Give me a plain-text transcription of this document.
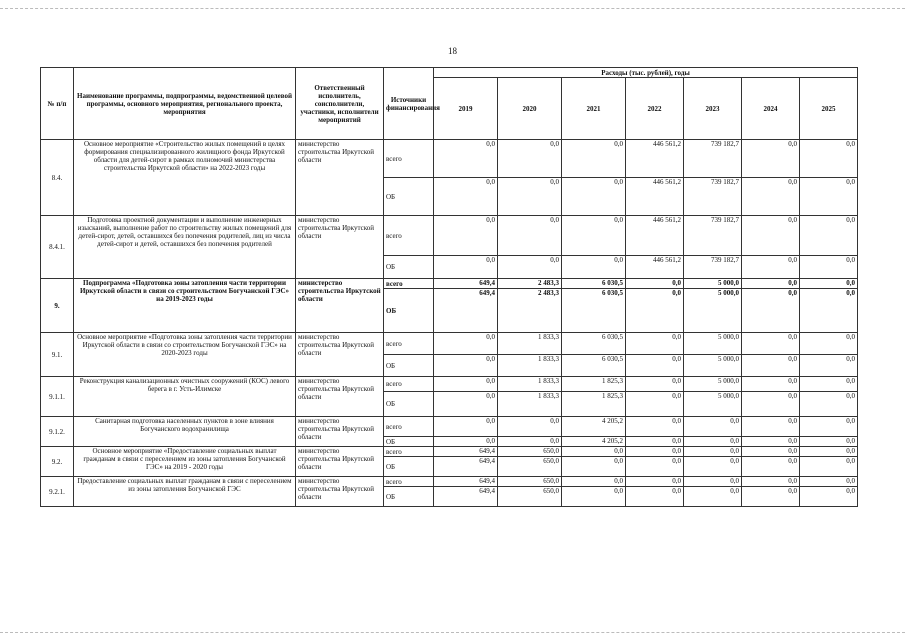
18
№ п/п	Наименование программы, подпрограммы, ведомственной целевой программы, основного мероприятия, регионального проекта, мероприятия	Ответственный исполнитель, соисполнители, участники, исполнители мероприятий	Источники финансирования	Расходы (тыс. рублей), годы						
				2019	2020	2021	2022	2023	2024	2025
8.4.	Основное мероприятие «Строительство жилых помещений в целях формирования специализированного жилищного фонда Иркутской области для детей-сирот в рамках полномочий министерства строительства Иркутской области» на 2022-2023 годы	министерство строительства Иркутской области	всего	0,0	0,0	0,0	446 561,2	739 182,7	0,0	0,0
			ОБ	0,0	0,0	0,0	446 561,2	739 182,7	0,0	0,0
8.4.1.	Подготовка проектной документации и выполнение инженерных изысканий, выполнение работ по строительству жилых помещений для детей-сирот, детей, оставшихся без попечения родителей, лиц из числа детей-сирот и детей, оставшихся без попечения родителей	министерство строительства Иркутской области	всего	0,0	0,0	0,0	446 561,2	739 182,7	0,0	0,0
			ОБ	0,0	0,0	0,0	446 561,2	739 182,7	0,0	0,0
9.	Подпрограмма «Подготовка зоны затопления части территории Иркутской области в связи со строительством Богучанской ГЭС» на 2019-2023 годы	министерство строительства Иркутской области	всего	649,4	2 483,3	6 030,5	0,0	5 000,0	0,0	0,0
			ОБ	649,4	2 483,3	6 030,5	0,0	5 000,0	0,0	0,0
9.1.	Основное мероприятие «Подготовка зоны затопления части территории Иркутской области в связи со строительством Богучанской ГЭС» на 2020-2023 годы	министерство строительства Иркутской области	всего	0,0	1 833,3	6 030,5	0,0	5 000,0	0,0	0,0
			ОБ	0,0	1 833,3	6 030,5	0,0	5 000,0	0,0	0,0
9.1.1.	Реконструкция канализационных очистных сооружений (КОС) левого берега в г. Усть-Илимске	министерство строительства Иркутской области	всего	0,0	1 833,3	1 825,3	0,0	5 000,0	0,0	0,0
			ОБ	0,0	1 833,3	1 825,3	0,0	5 000,0	0,0	0,0
9.1.2.	Санитарная подготовка населенных пунктов в зоне влияния Богучанского водохранилища	министерство строительства Иркутской области	всего	0,0	0,0	4 205,2	0,0	0,0	0,0	0,0
			ОБ	0,0	0,0	4 205,2	0,0	0,0	0,0	0,0
9.2.	Основное мероприятие «Предоставление социальных выплат гражданам в связи с переселением из зоны затопления Богучанской ГЭС» на 2019 - 2020 годы	министерство строительства Иркутской области	всего	649,4	650,0	0,0	0,0	0,0	0,0	0,0
			ОБ	649,4	650,0	0,0	0,0	0,0	0,0	0,0
9.2.1.	Предоставление социальных выплат гражданам в связи с переселением из зоны затопления Богучанской ГЭС	министерство строительства Иркутской области	всего	649,4	650,0	0,0	0,0	0,0	0,0	0,0
			ОБ	649,4	650,0	0,0	0,0	0,0	0,0	0,0
